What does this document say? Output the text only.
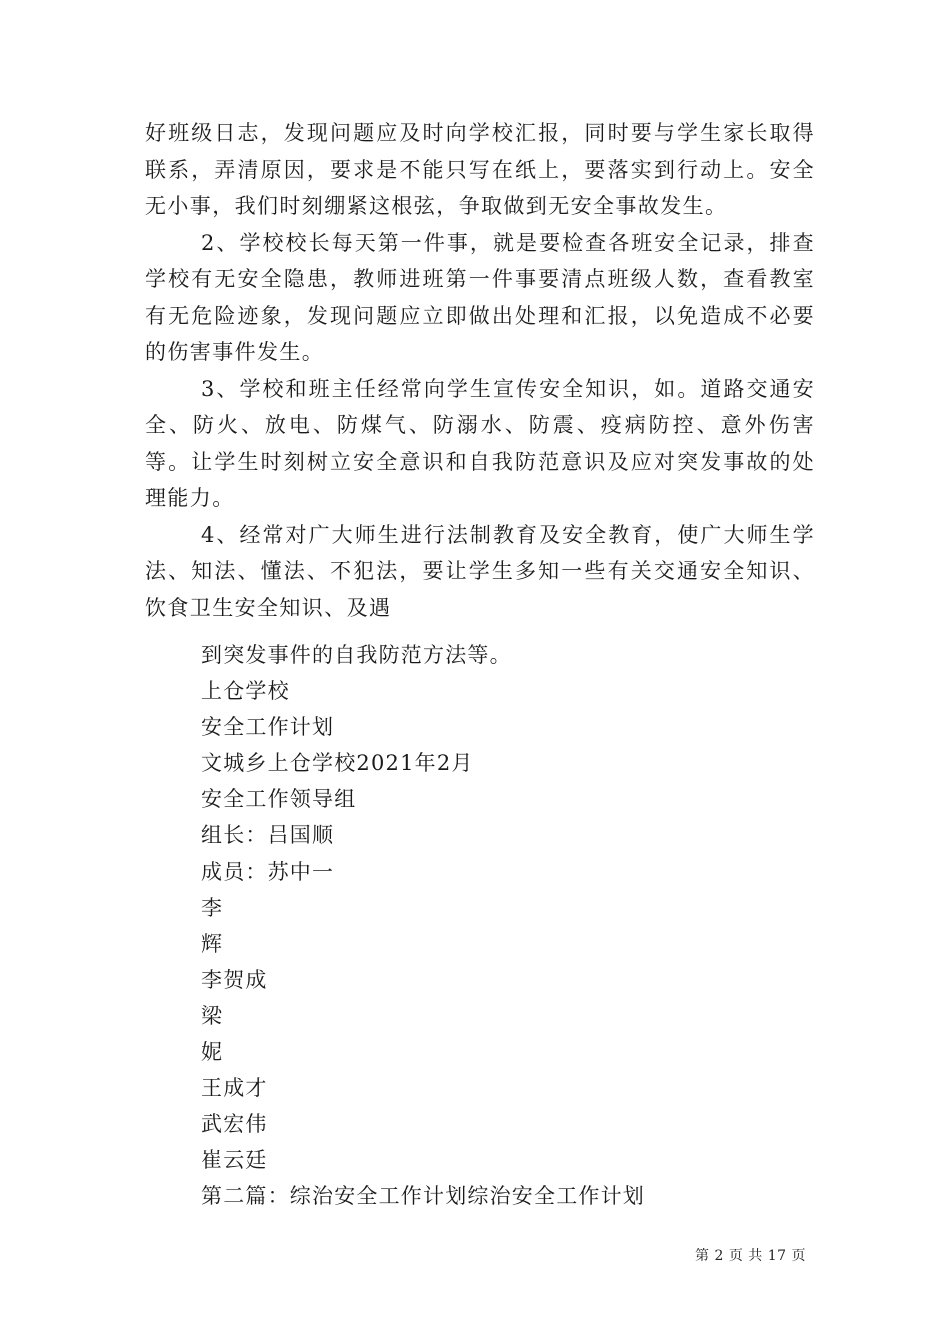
好班级日志，发现问题应及时向学校汇报，同时要与学生家长取得联系，弄清原因，要求是不能只写在纸上，要落实到行动上。安全无小事，我们时刻绷紧这根弦，争取做到无安全事故发生。

2、学校校长每天第一件事，就是要检查各班安全记录，排查学校有无安全隐患，教师进班第一件事要清点班级人数，查看教室有无危险迹象，发现问题应立即做出处理和汇报，以免造成不必要的伤害事件发生。

3、学校和班主任经常向学生宣传安全知识，如。道路交通安全、防火、放电、防煤气、防溺水、防震、疫病防控、意外伤害等。让学生时刻树立安全意识和自我防范意识及应对突发事故的处理能力。

4、经常对广大师生进行法制教育及安全教育，使广大师生学法、知法、懂法、不犯法，要让学生多知一些有关交通安全知识、饮食卫生安全知识、及遇

到突发事件的自我防范方法等。

上仓学校

安全工作计划

文城乡上仓学校2021年2月

安全工作领导组

组长：吕国顺

成员：苏中一

李

辉

李贺成

梁

妮

王成才

武宏伟

崔云廷

第二篇：综治安全工作计划综治安全工作计划

第 2 页 共 17 页
